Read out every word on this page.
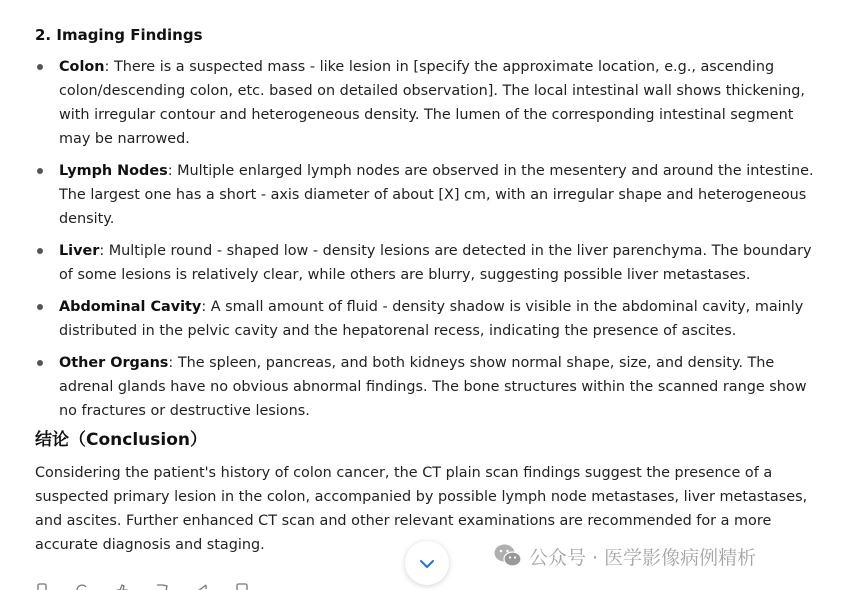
2. Imaging Findings
Colon: There is a suspected mass - like lesion in [specify the approximate location, e.g., ascending colon/descending colon, etc. based on detailed observation]. The local intestinal wall shows thickening, with irregular contour and heterogeneous density. The lumen of the corresponding intestinal segment may be narrowed.
Lymph Nodes: Multiple enlarged lymph nodes are observed in the mesentery and around the intestine. The largest one has a short - axis diameter of about [X] cm, with an irregular shape and heterogeneous density.
Liver: Multiple round - shaped low - density lesions are detected in the liver parenchyma. The boundary of some lesions is relatively clear, while others are blurry, suggesting possible liver metastases.
Abdominal Cavity: A small amount of fluid - density shadow is visible in the abdominal cavity, mainly distributed in the pelvic cavity and the hepatorenal recess, indicating the presence of ascites.
Other Organs: The spleen, pancreas, and both kidneys show normal shape, size, and density. The adrenal glands have no obvious abnormal findings. The bone structures within the scanned range show no fractures or destructive lesions.
结论（Conclusion）

Considering the patient's history of colon cancer, the CT plain scan findings suggest the presence of a suspected primary lesion in the colon, accompanied by possible lymph node metastases, liver metastases, and ascites. Further enhanced CT scan and other relevant examinations are recommended for a more accurate diagnosis and staging.

公众号 · 医学影像病例精析
